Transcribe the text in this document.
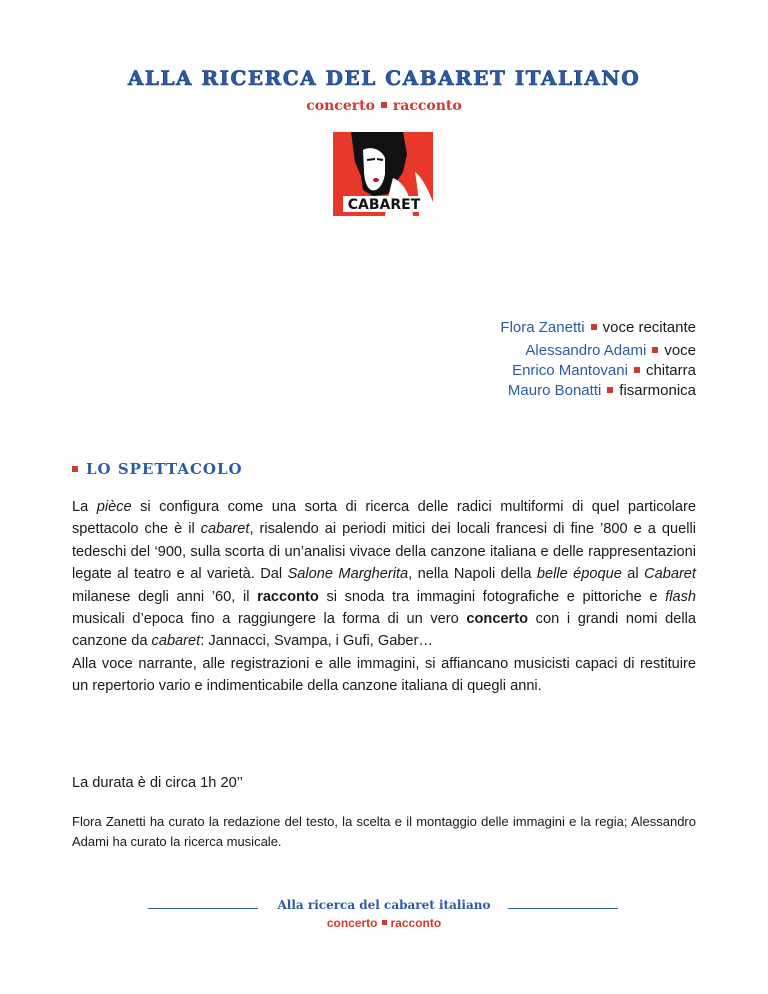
ALLA RICERCA DEL CABARET ITALIANO
concerto racconto
CABARET
Flora Zanetti voce recitante
Alessandro Adami voce
Enrico Mantovani chitarra
Mauro Bonatti fisarmonica
LO SPETTACOLO

La pièce si configura come una sorta di ricerca delle radici multiformi di quel particolare spettacolo che è il cabaret, risalendo ai periodi mitici dei locali francesi di fine ’800 e a quelli tedeschi del ‘900, sulla scorta di un’analisi vivace della canzone italiana e delle rappresentazioni legate al teatro e al varietà. Dal Salone Margherita, nella Napoli della belle époque al Cabaret milanese degli anni ’60, il racconto si snoda tra immagini fotografiche e pittoriche e flash musicali d’epoca fino a raggiungere la forma di un vero concerto con i grandi nomi della canzone da cabaret: Jannacci, Svampa, i Gufi, Gaber…

Alla voce narrante, alle registrazioni e alle immagini, si affiancano musicisti capaci di restituire un repertorio vario e indimenticabile della canzone italiana di quegli anni.

La durata è di circa 1h 20’’
Flora Zanetti ha curato la redazione del testo, la scelta e il montaggio delle immagini e la regia; Alessandro Adami ha curato la ricerca musicale.
Alla ricerca del cabaret italiano
concerto racconto
